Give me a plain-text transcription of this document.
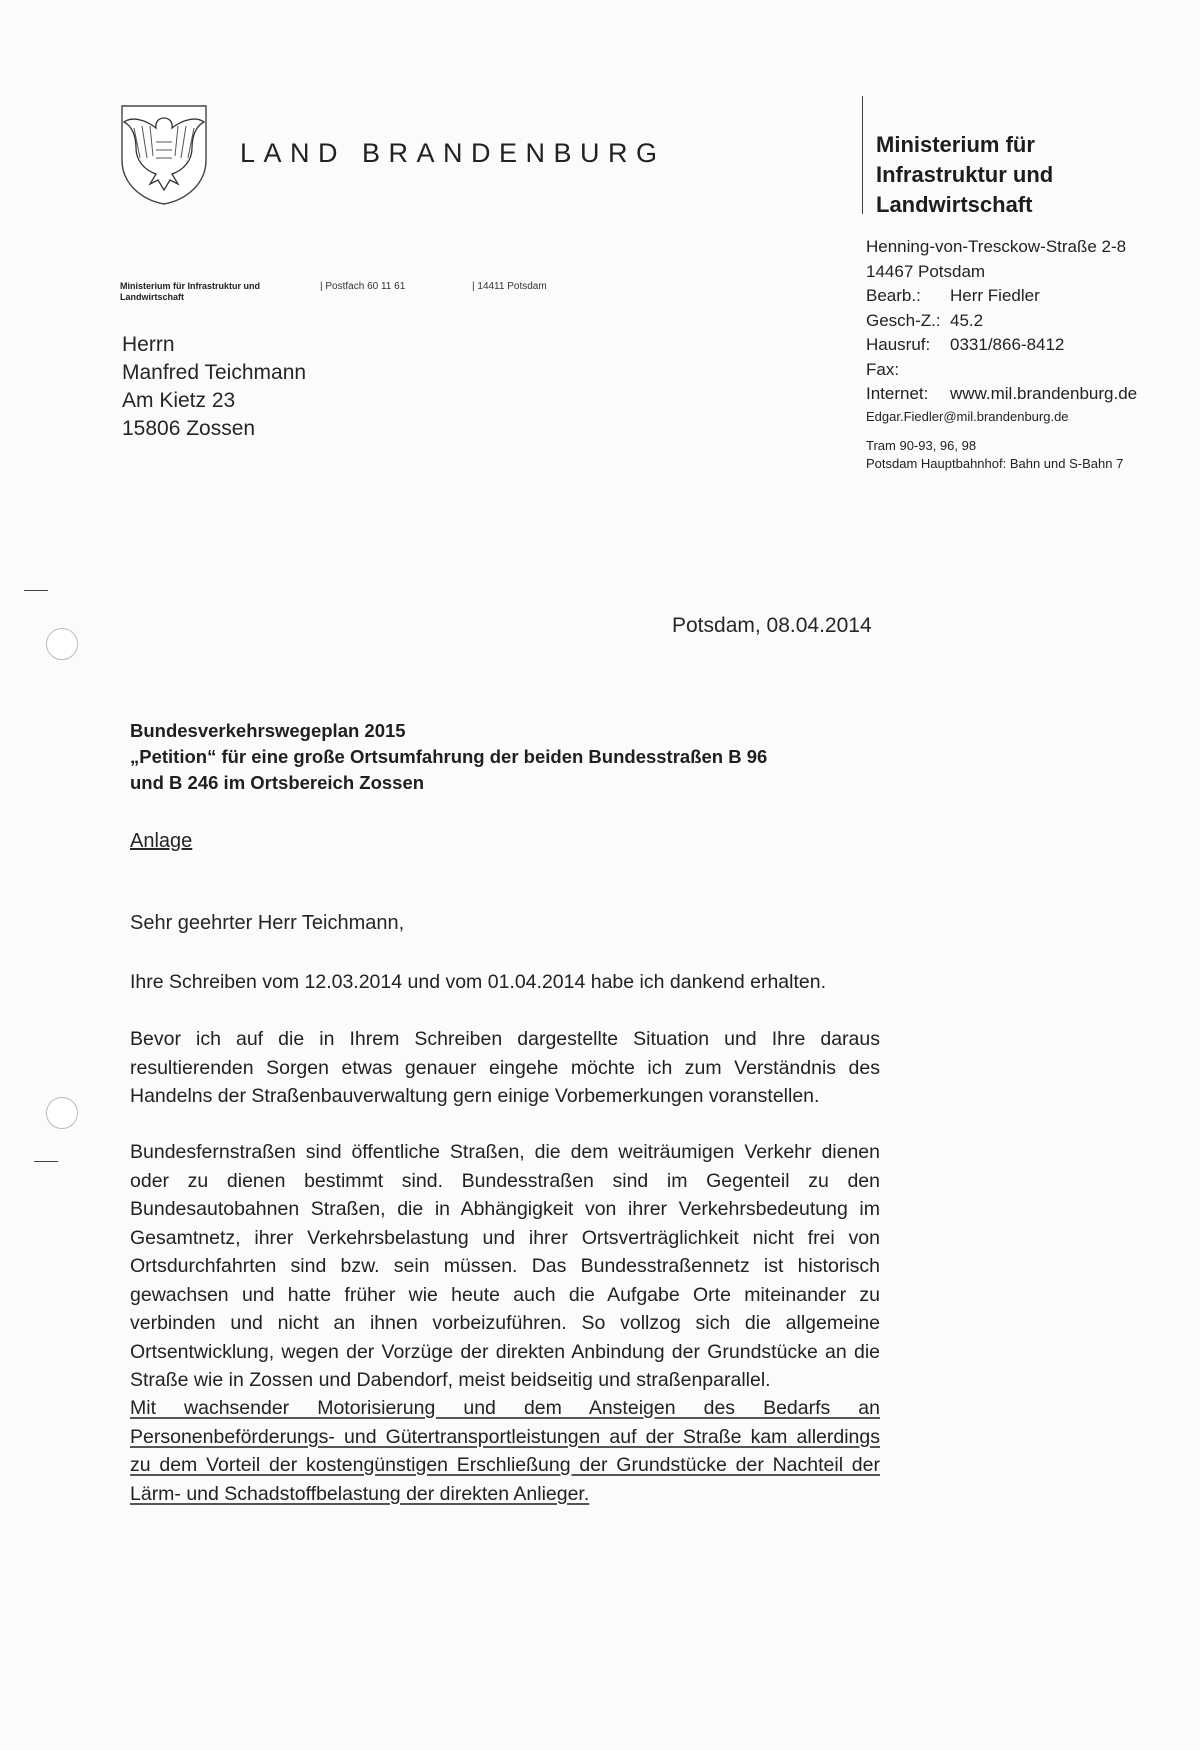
LAND BRANDENBURG	Ministerium für
Infrastruktur und
Landwirtschaft
Henning-von-Tresckow-Straße 2-8
14467 Potsdam
Bearb.: Herr Fiedler
Gesch-Z.: 45.2
Hausruf: 0331/866-8412
Fax:
Internet: www.mil.brandenburg.de
Edgar.Fiedler@mil.brandenburg.de
Tram 90-93, 96, 98
Potsdam Hauptbahnhof: Bahn und S-Bahn 7
Ministerium für Infrastruktur und
Landwirtschaft
| Postfach 60 11 61	| 14411 Potsdam
Herrn
Manfred Teichmann
Am Kietz 23
15806 Zossen
Potsdam, 08.04.2014
Bundesverkehrswegeplan 2015
„Petition“ für eine große Ortsumfahrung der beiden Bundesstraßen B 96
und B 246 im Ortsbereich Zossen
Anlage
Sehr geehrter Herr Teichmann,
Ihre Schreiben vom 12.03.2014 und vom 01.04.2014 habe ich dankend erhalten.
Bevor ich auf die in Ihrem Schreiben dargestellte Situation und Ihre daraus resultierenden Sorgen etwas genauer eingehe möchte ich zum Verständnis des Handelns der Straßenbauverwaltung gern einige Vorbemerkungen voranstellen.
Bundesfernstraßen sind öffentliche Straßen, die dem weiträumigen Verkehr dienen oder zu dienen bestimmt sind. Bundesstraßen sind im Gegenteil zu den Bundesautobahnen Straßen, die in Abhängigkeit von ihrer Verkehrsbedeutung im Gesamtnetz, ihrer Verkehrsbelastung und ihrer Ortsverträglichkeit nicht frei von Ortsdurchfahrten sind bzw. sein müssen. Das Bundesstraßennetz ist historisch gewachsen und hatte früher wie heute auch die Aufgabe Orte miteinander zu verbinden und nicht an ihnen vorbeizuführen. So vollzog sich die allgemeine Ortsentwicklung, wegen der Vorzüge der direkten Anbindung der Grundstücke an die Straße wie in Zossen und Dabendorf, meist beidseitig und straßenparallel.
Mit wachsender Motorisierung und dem Ansteigen des Bedarfs an Personenbeförderungs- und Gütertransportleistungen auf der Straße kam allerdings zu dem Vorteil der kostengünstigen Erschließung der Grundstücke der Nachteil der Lärm- und Schadstoffbelastung der direkten Anlieger.
